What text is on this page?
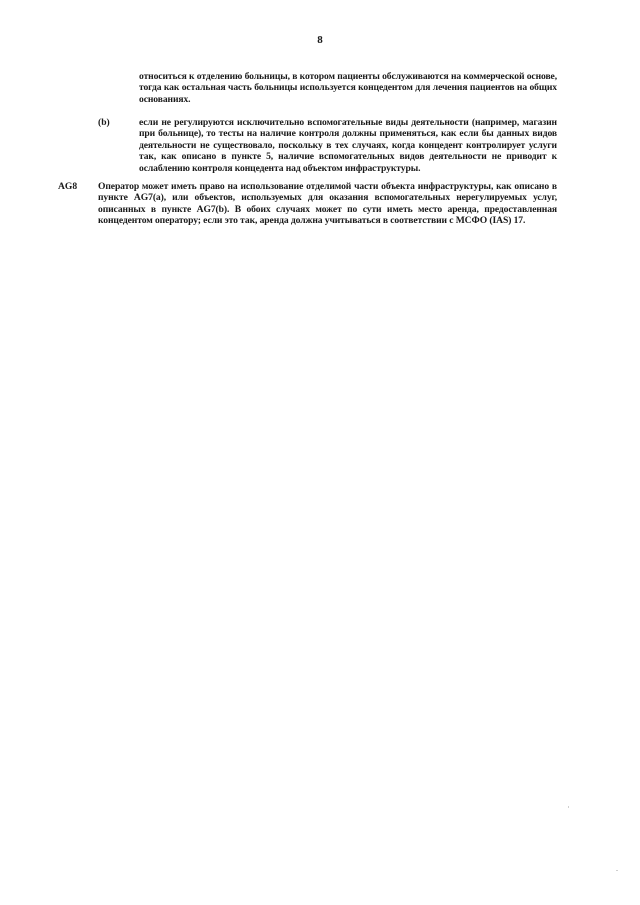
8
относиться к отделению больницы, в котором пациенты обслуживаются на коммерческой основе, тогда как остальная часть больницы используется концедентом для лечения пациентов на общих основаниях.
(b)	если не регулируются исключительно вспомогательные виды деятельности (например, магазин при больнице), то тесты на наличие контроля должны применяться, как если бы данных видов деятельности не существовало, поскольку в тех случаях, когда концедент контролирует услуги так, как описано в пункте 5, наличие вспомогательных видов деятельности не приводит к ослаблению контроля концедента над объектом инфраструктуры.
AG8 Оператор может иметь право на использование отделимой части объекта инфраструктуры, как описано в пункте AG7(a), или объектов, используемых для оказания вспомогательных нерегулируемых услуг, описанных в пункте AG7(b). В обоих случаях может по сути иметь место аренда, предоставленная концедентом оператору; если это так, аренда должна учитываться в соответствии с МСФО (IAS) 17.
